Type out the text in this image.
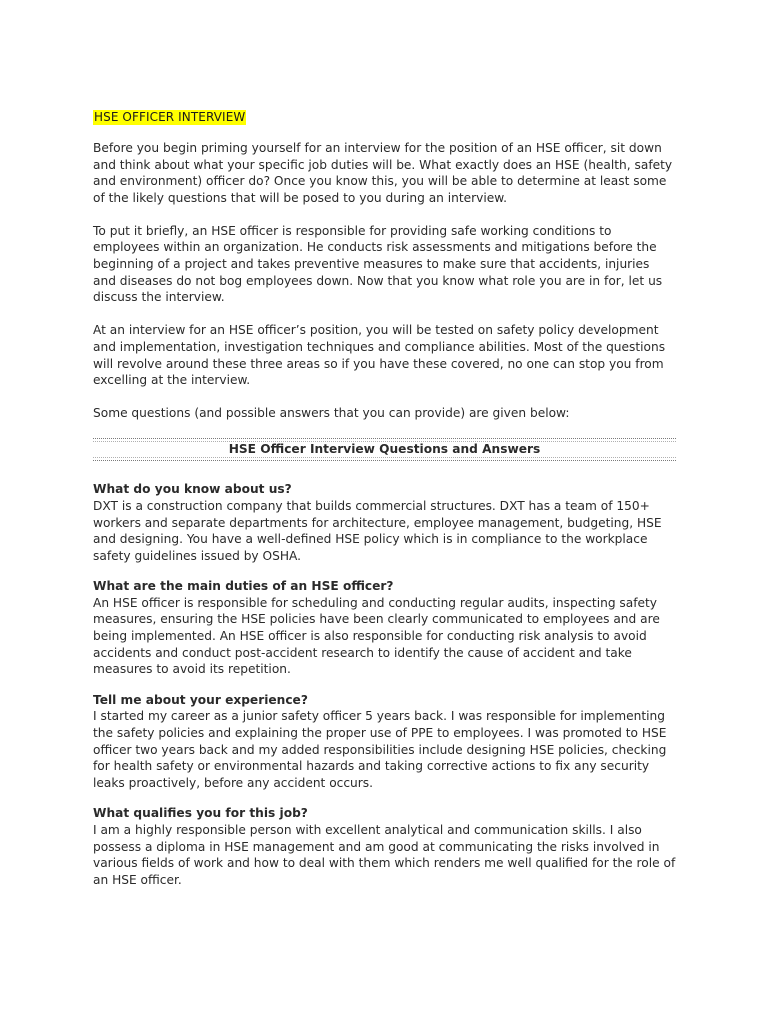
HSE OFFICER INTERVIEW

Before you begin priming yourself for an interview for the position of an HSE officer, sit down and think about what your specific job duties will be. What exactly does an HSE (health, safety and environment) officer do? Once you know this, you will be able to determine at least some of the likely questions that will be posed to you during an interview.

To put it briefly, an HSE officer is responsible for providing safe working conditions to employees within an organization. He conducts risk assessments and mitigations before the beginning of a project and takes preventive measures to make sure that accidents, injuries and diseases do not bog employees down. Now that you know what role you are in for, let us discuss the interview.

At an interview for an HSE officer’s position, you will be tested on safety policy development and implementation, investigation techniques and compliance abilities. Most of the questions will revolve around these three areas so if you have these covered, no one can stop you from excelling at the interview.

Some questions (and possible answers that you can provide) are given below:

HSE Officer Interview Questions and Answers
What do you know about us?
DXT is a construction company that builds commercial structures. DXT has a team of 150+ workers and separate departments for architecture, employee management, budgeting, HSE and designing. You have a well-defined HSE policy which is in compliance to the workplace safety guidelines issued by OSHA.
What are the main duties of an HSE officer?
An HSE officer is responsible for scheduling and conducting regular audits, inspecting safety measures, ensuring the HSE policies have been clearly communicated to employees and are being implemented. An HSE officer is also responsible for conducting risk analysis to avoid accidents and conduct post-accident research to identify the cause of accident and take measures to avoid its repetition.
Tell me about your experience?
I started my career as a junior safety officer 5 years back. I was responsible for implementing the safety policies and explaining the proper use of PPE to employees. I was promoted to HSE officer two years back and my added responsibilities include designing HSE policies, checking for health safety or environmental hazards and taking corrective actions to fix any security leaks proactively, before any accident occurs.
What qualifies you for this job?
I am a highly responsible person with excellent analytical and communication skills. I also possess a diploma in HSE management and am good at communicating the risks involved in various fields of work and how to deal with them which renders me well qualified for the role of an HSE officer.
